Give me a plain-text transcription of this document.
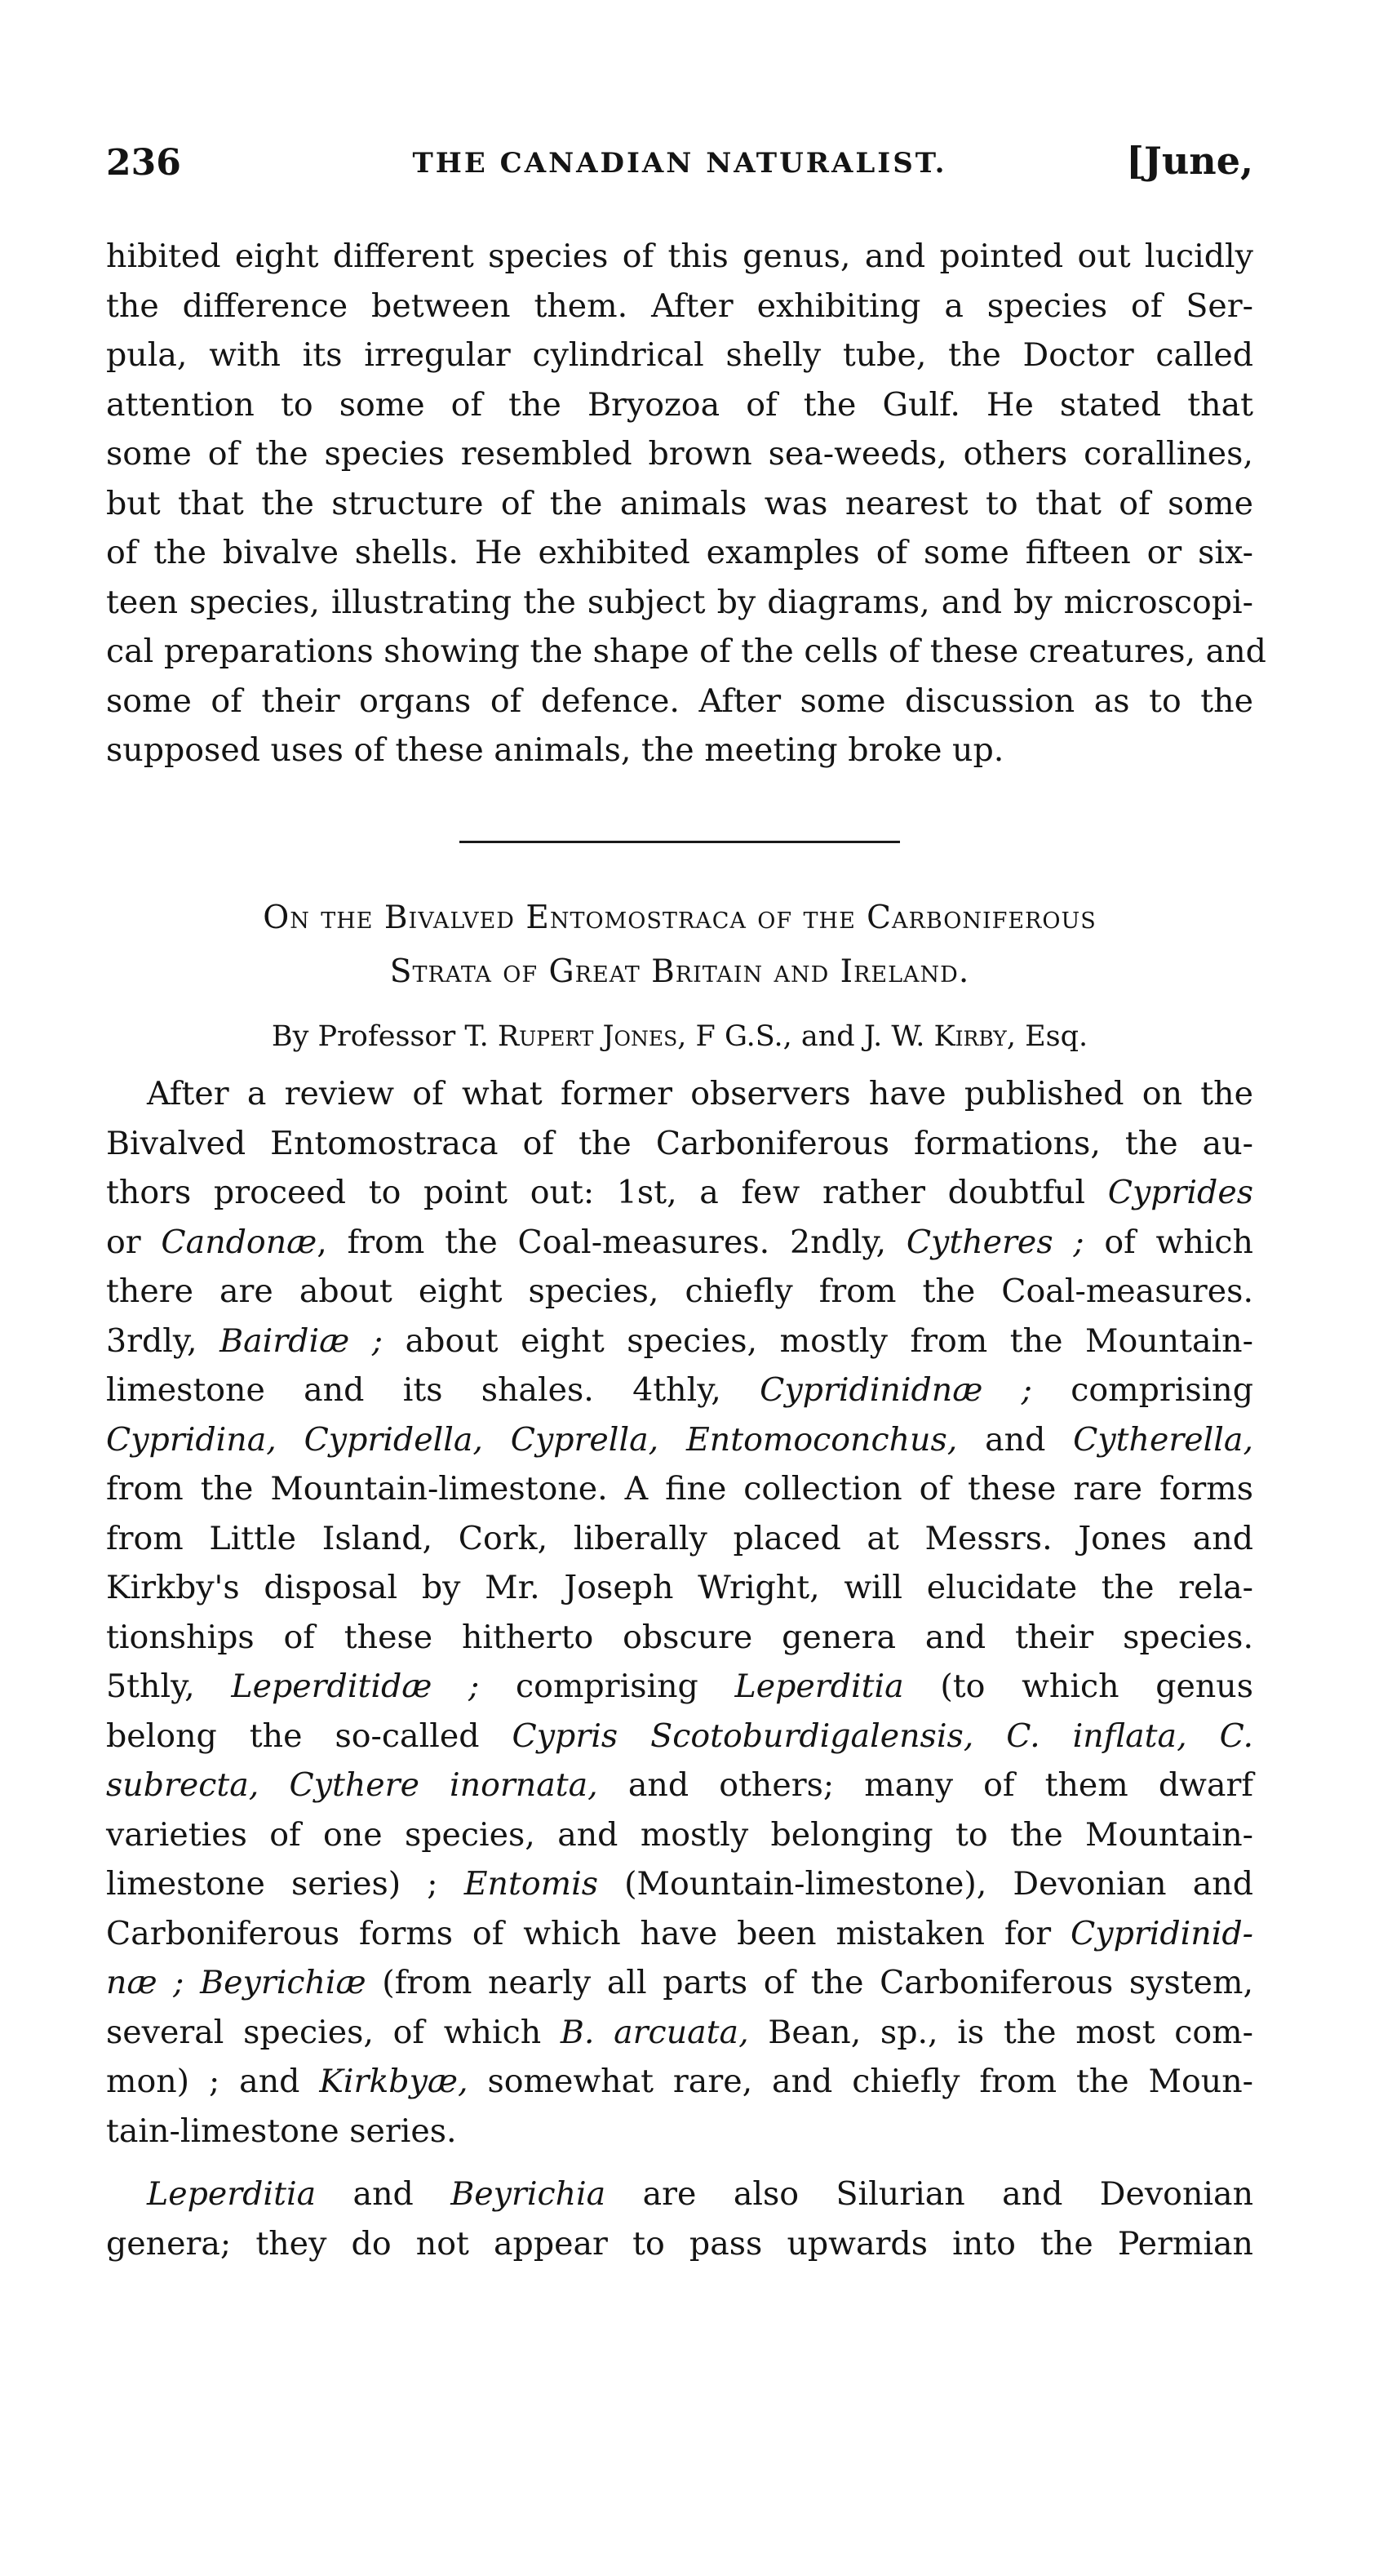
236	THE CANADIAN NATURALIST.	[June,
hibited eight different species of this genus, and pointed out lucidly
the difference between them. After exhibiting a species of Ser-
pula, with its irregular cylindrical shelly tube, the Doctor called
attention to some of the Bryozoa of the Gulf. He stated that
some of the species resembled brown sea-weeds, others corallines,
but that the structure of the animals was nearest to that of some
of the bivalve shells. He exhibited examples of some fifteen or six-
teen species, illustrating the subject by diagrams, and by microscopi-
cal preparations showing the shape of the cells of these creatures, and
some of their organs of defence. After some discussion as to the
supposed uses of these animals, the meeting broke up.
On the Bivalved Entomostraca of the Carboniferous
Strata of Great Britain and Ireland.
By Professor T. Rupert Jones, F G.S., and J. W. Kirby, Esq.
After a review of what former observers have published on the
Bivalved Entomostraca of the Carboniferous formations, the au-
thors proceed to point out: 1st, a few rather doubtful Cyprides
or Candonæ, from the Coal-measures. 2ndly, Cytheres ; of which
there are about eight species, chiefly from the Coal-measures.
3rdly, Bairdiæ ; about eight species, mostly from the Mountain-
limestone and its shales. 4thly, Cypridinidnæ ; comprising
Cypridina, Cypridella, Cyprella, Entomoconchus, and Cytherella,
from the Mountain-limestone. A fine collection of these rare forms
from Little Island, Cork, liberally placed at Messrs. Jones and
Kirkby's disposal by Mr. Joseph Wright, will elucidate the rela-
tionships of these hitherto obscure genera and their species.
5thly, Leperditidæ ; comprising Leperditia (to which genus
belong the so-called Cypris Scotoburdigalensis, C. inflata, C.
subrecta, Cythere inornata, and others; many of them dwarf
varieties of one species, and mostly belonging to the Mountain-
limestone series) ; Entomis (Mountain-limestone), Devonian and
Carboniferous forms of which have been mistaken for Cypridinid-
næ ; Beyrichiæ (from nearly all parts of the Carboniferous system,
several species, of which B. arcuata, Bean, sp., is the most com-
mon) ; and Kirkbyæ, somewhat rare, and chiefly from the Moun-
tain-limestone series.
Leperditia and Beyrichia are also Silurian and Devonian
genera; they do not appear to pass upwards into the Permian
